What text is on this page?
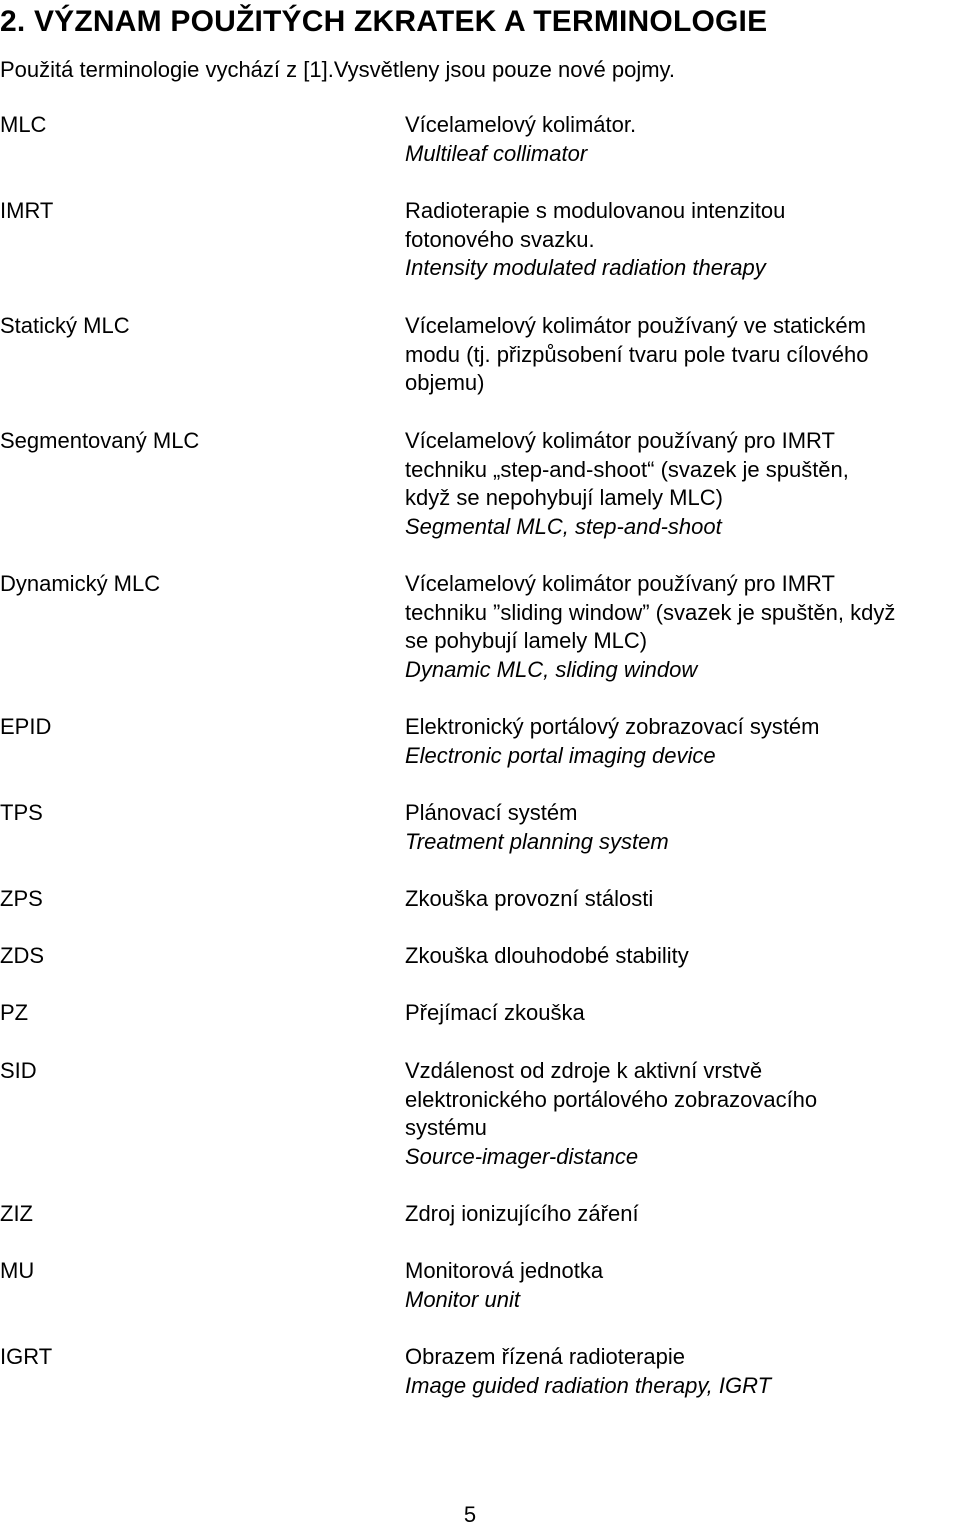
2. VÝZNAM POUŽITÝCH ZKRATEK A TERMINOLOGIE
Použitá terminologie vychází z [1].Vysvětleny jsou pouze nové pojmy.
MLC	Vícelamelový kolimátor.
Multileaf collimator
IMRT	Radioterapie s modulovanou intenzitou
fotonového svazku.
Intensity modulated radiation therapy
Statický MLC	Vícelamelový kolimátor používaný ve statickém
modu (tj. přizpůsobení tvaru pole tvaru cílového
objemu)
Segmentovaný MLC	Vícelamelový kolimátor používaný pro IMRT
techniku „step-and-shoot“ (svazek je spuštěn,
když se nepohybují lamely MLC)
Segmental MLC, step-and-shoot
Dynamický MLC	Vícelamelový kolimátor používaný pro IMRT
techniku ”sliding window” (svazek je spuštěn, když
se pohybují lamely MLC)
Dynamic MLC, sliding window
EPID	Elektronický portálový zobrazovací systém
Electronic portal imaging device
TPS	Plánovací systém
Treatment planning system
ZPS	Zkouška provozní stálosti
ZDS	Zkouška dlouhodobé stability
PZ	Přejímací zkouška
SID	Vzdálenost od zdroje k aktivní vrstvě
elektronického portálového zobrazovacího
systému
Source-imager-distance
ZIZ	Zdroj ionizujícího záření
MU	Monitorová jednotka
Monitor unit
IGRT	Obrazem řízená radioterapie
Image guided radiation therapy, IGRT
5
